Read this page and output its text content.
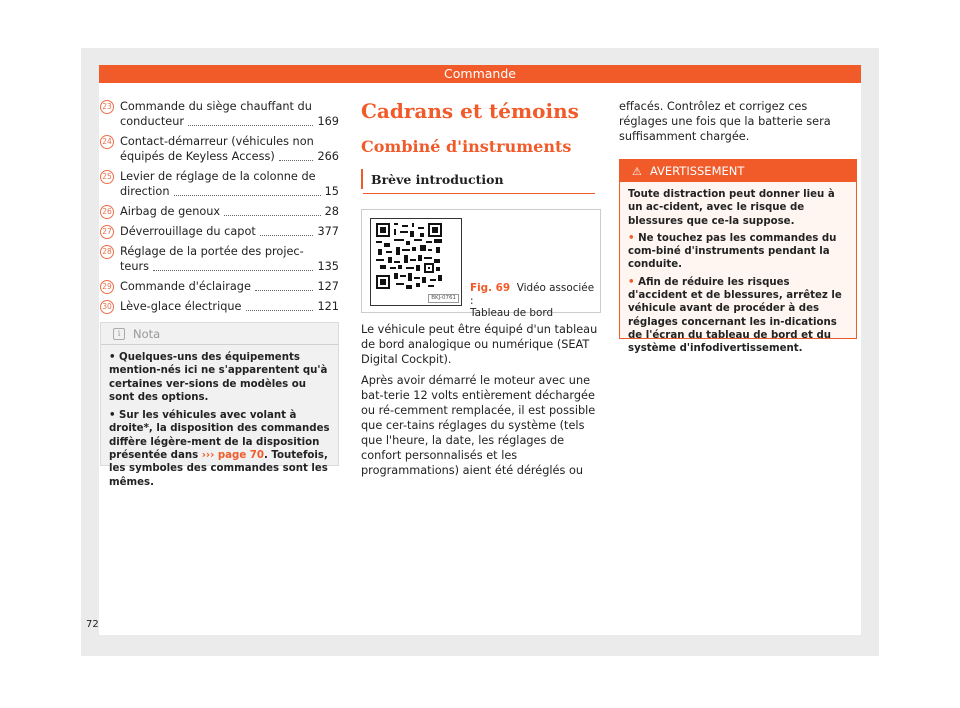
Commande
23 Commande du siège chauffant du
conducteur	169
24 Contact-démarreur (véhicules non
équipés de Keyless Access)	266
25 Levier de réglage de la colonne de
direction	15
26 Airbag de genoux	28
27 Déverrouillage du capot	377
28 Réglage de la portée des projec-
teurs	135
29 Commande d'éclairage	127
30 Lève-glace électrique	121
i	Nota

• Quelques-uns des équipements mention-nés ici ne s'apparentent qu'à certaines ver-sions de modèles ou sont des options.

• Sur les véhicules avec volant à droite*, la disposition des commandes diffère légère-ment de la disposition présentée dans ››› page 70. Toutefois, les symboles des commandes sont les mêmes.

Cadrans et témoins
Combiné d'instruments
Brève introduction
BKJ-0761
Fig. 69 Vidéo associée :
Tableau de bord

Le véhicule peut être équipé d'un tableau de bord analogique ou numérique (SEAT Digital Cockpit).

Après avoir démarré le moteur avec une bat-terie 12 volts entièrement déchargée ou ré-cemment remplacée, il est possible que cer-tains réglages du système (tels que l'heure, la date, les réglages de confort personnalisés et les programmations) aient été déréglés ou

effacés. Contrôlez et corrigez ces réglages une fois que la batterie sera suffisamment chargée.

⚠ AVERTISSEMENT

Toute distraction peut donner lieu à un ac-cident, avec le risque de blessures que ce-la suppose.

• Ne touchez pas les commandes du com-biné d'instruments pendant la conduite.

• Afin de réduire les risques d'accident et de blessures, arrêtez le véhicule avant de procéder à des réglages concernant les in-dications de l'écran du tableau de bord et du système d'infodivertissement.

72
